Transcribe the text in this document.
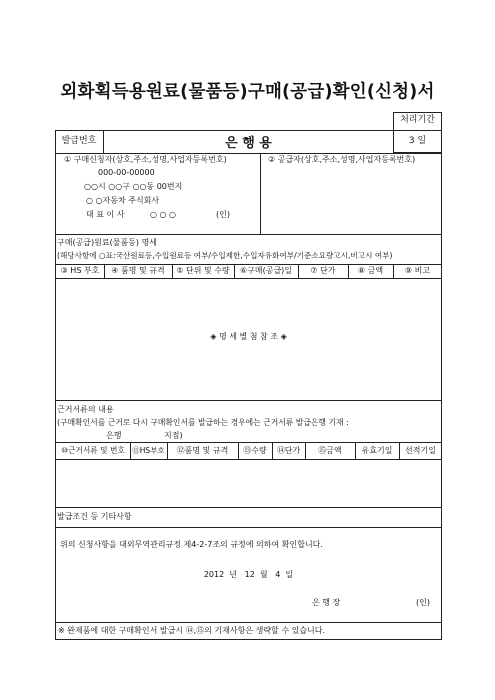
외화획득용원료(물품등)구매(공급)확인(신청)서
처리기간
3 일
발급번호	은 행 용
① 구매신청자(상호,주소,성명,사업자등록번호)
000-00-00000
○○시 ○○구 ○○동 00번지
○ ○자동차 주식회사
대 표 이 사	○ ○ ○	(인)
② 공급자(상호,주소,성명,사업자등록번호)
구매(공급)원료(물품등) 명세
(해당사항에 ○표:국산원료등,수입원료등 여부/수입제한,수입자유화여부/기준소요량고시,비고시 여부)
③ HS 부호	④ 품명 및 규격	⑤ 단위 및 수량	⑥구매(공급)일	⑦ 단가	⑧ 금액	⑨ 비고
◈ 명 세 별 첨 참 조 ◈
근거서류의 내용
(구매확인서를 근거로 다시 구매확인서를 발급하는 경우에는 근거서류 발급은행 기재 :
은행	지점)
⑩근거서류 및 번호 ⑪HS부호	⑫품명 및 규격	⑬수량	⑭단가	⑮금액	유효기일	선적기일
발급조건 등 기타사항
위의 신청사항을 대외무역관리규정 제4-2-7조의 규정에 의하여 확인합니다.
2012  년   12  월   4  일
은 행 장	(인)
※ 완제품에 대한 구매확인서 발급시 ⑭,⑮의 기재사항은 생략할 수 있습니다.
